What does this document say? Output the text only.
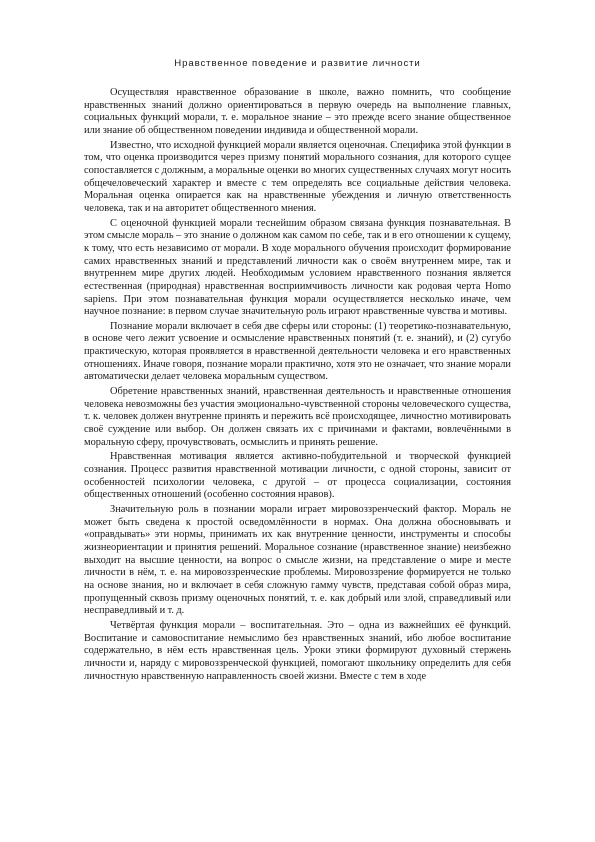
Нравственное поведение и развитие личности

Осуществляя нравственное образование в школе, важно помнить, что сообщение нравственных знаний должно ориентироваться в первую очередь на выполнение главных, социальных функций морали, т. е. моральное знание – это прежде всего знание общественное или знание об общественном поведении индивида и общественной морали.

Известно, что исходной функцией морали является оценочная. Специфика этой функции в том, что оценка производится через призму понятий морального сознания, для которого сущее сопоставляется с должным, а моральные оценки во многих существенных случаях могут носить общечеловеческий характер и вместе с тем определять все социальные действия человека. Моральная оценка опирается как на нравственные убеждения и личную ответственность человека, так и на авторитет общественного мнения.

С оценочной функцией морали теснейшим образом связана функция познавательная. В этом смысле мораль – это знание о должном как самом по себе, так и в его отношении к сущему, к тому, что есть независимо от морали. В ходе морального обучения происходит формирование самих нравственных знаний и представлений личности как о своём внутреннем мире, так и внутреннем мире других людей. Необходимым условием нравственного познания является естественная (природная) нравственная восприимчивость личности как родовая черта Homo sapiens. При этом познавательная функция морали осуществляется несколько иначе, чем научное познание: в первом случае значительную роль играют нравственные чувства и мотивы.

Познание морали включает в себя две сферы или стороны: (1) теоретико-познавательную, в основе чего лежит усвоение и осмысление нравственных понятий (т. е. знаний), и (2) сугубо практическую, которая проявляется в нравственной деятельности человека и его нравственных отношениях. Иначе говоря, познание морали практично, хотя это не означает, что знание морали автоматически делает человека моральным существом.

Обретение нравственных знаний, нравственная деятельность и нравственные отношения человека невозможны без участия эмоционально-чувственной стороны человеческого существа, т. к. человек должен внутренне принять и пережить всё происходящее, личностно мотивировать своё суждение или выбор. Он должен связать их с причинами и фактами, вовлечёнными в моральную сферу, прочувствовать, осмыслить и принять решение.

Нравственная мотивация является активно-побудительной и творческой функцией сознания. Процесс развития нравственной мотивации личности, с одной стороны, зависит от особенностей психологии человека, с другой – от процесса социализации, состояния общественных отношений (особенно состояния нравов).

Значительную роль в познании морали играет мировоззренческий фактор. Мораль не может быть сведена к простой осведомлённости в нормах. Она должна обосновывать и «оправдывать» эти нормы, принимать их как внутренние ценности, инструменты и способы жизнеориентации и принятия решений. Моральное сознание (нравственное знание) неизбежно выходит на высшие ценности, на вопрос о смысле жизни, на представление о мире и месте личности в нём, т. е. на мировоззренческие проблемы. Мировоззрение формируется не только на основе знания, но и включает в себя сложную гамму чувств, представая собой образ мира, пропущенный сквозь призму оценочных понятий, т. е. как добрый или злой, справедливый или несправедливый и т. д.

Четвёртая функция морали – воспитательная. Это – одна из важнейших её функций. Воспитание и самовоспитание немыслимо без нравственных знаний, ибо любое воспитание содержательно, в нём есть нравственная цель. Уроки этики формируют духовный стержень личности и, наряду с мировоззренческой функцией, помогают школьнику определить для себя личностную нравственную направленность своей жизни. Вместе с тем в ходе
